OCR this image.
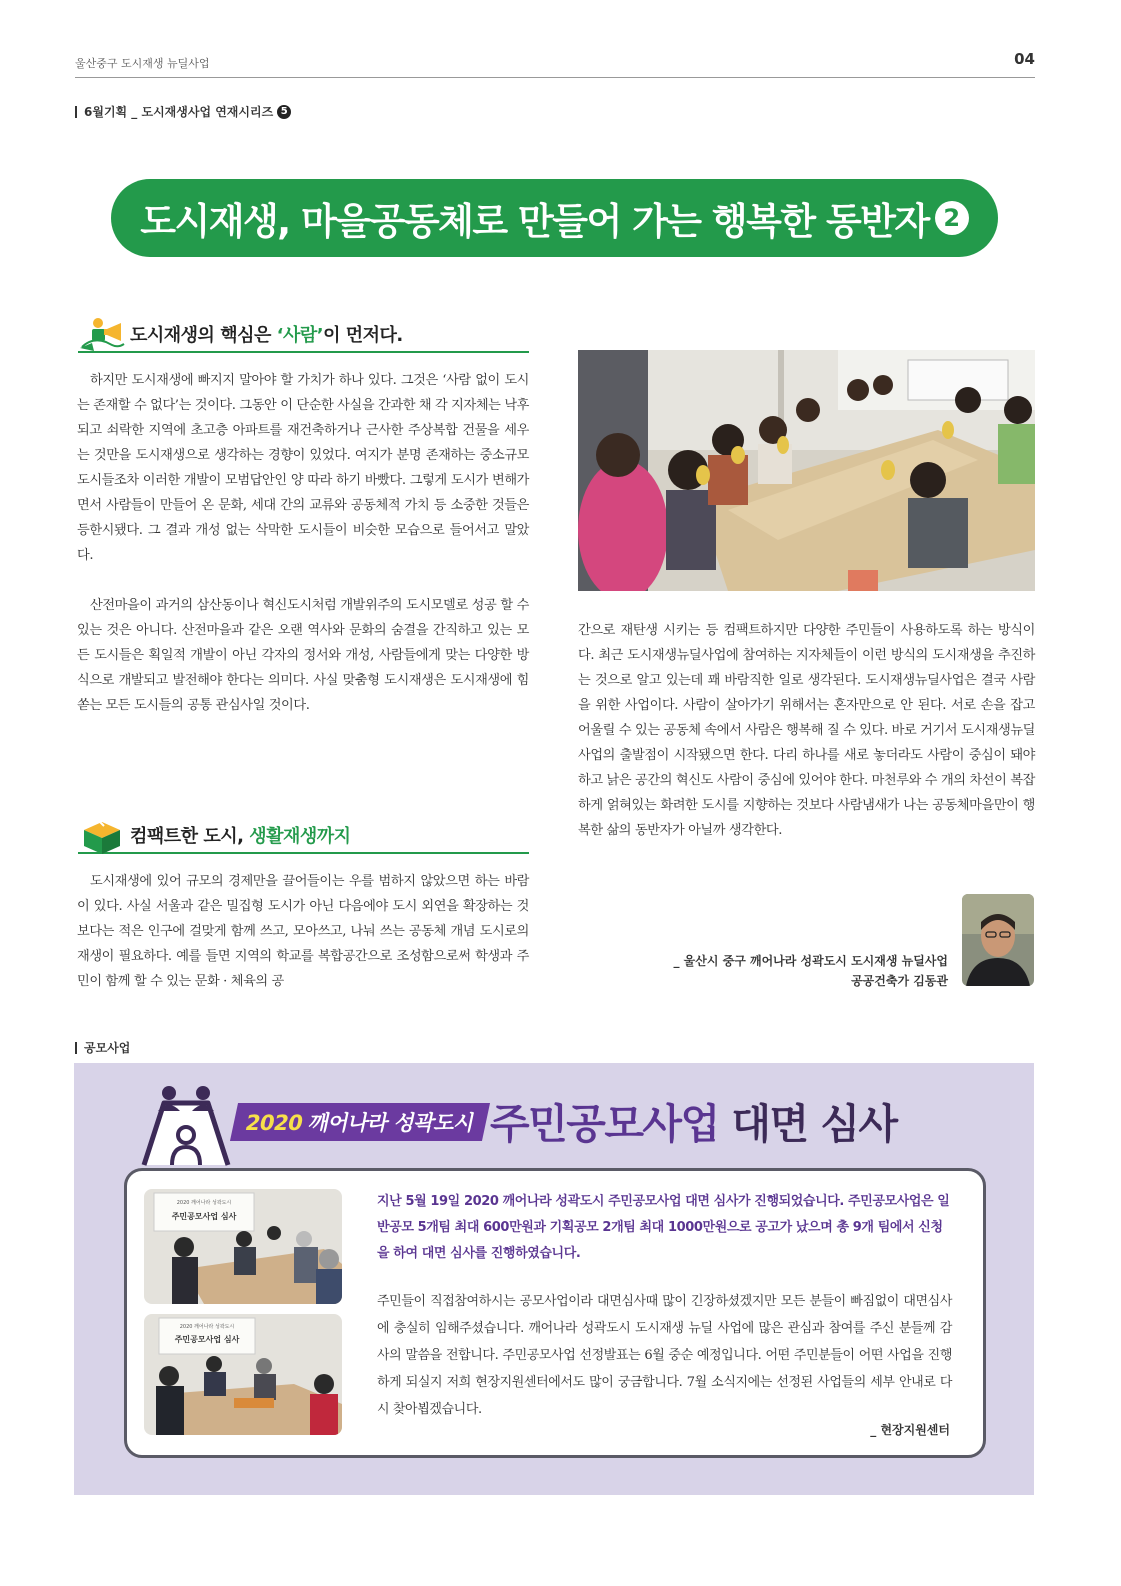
울산중구 도시재생 뉴딜사업	04
6월기획 _ 도시재생사업 연재시리즈 5
도시재생, 마을공동체로 만들어 가는 행복한 동반자 2
도시재생의 핵심은 ‘사람’이 먼저다.
하지만 도시재생에 빠지지 말아야 할 가치가 하나 있다. 그것은 ‘사람 없이 도시는 존재할 수 없다’는 것이다. 그동안 이 단순한 사실을 간과한 채 각 지자체는 낙후되고 쇠락한 지역에 초고층 아파트를 재건축하거나 근사한 주상복합 건물을 세우는 것만을 도시재생으로 생각하는 경향이 있었다. 여지가 분명 존재하는 중소규모 도시들조차 이러한 개발이 모범답안인 양 따라 하기 바빴다. 그렇게 도시가 변해가면서 사람들이 만들어 온 문화, 세대 간의 교류와 공동체적 가치 등 소중한 것들은 등한시됐다. 그 결과 개성 없는 삭막한 도시들이 비슷한 모습으로 들어서고 말았다.
산전마을이 과거의 삼산동이나 혁신도시처럼 개발위주의 도시모델로 성공 할 수 있는 것은 아니다. 산전마을과 같은 오랜 역사와 문화의 숨결을 간직하고 있는 모든 도시들은 획일적 개발이 아닌 각자의 정서와 개성, 사람들에게 맞는 다양한 방식으로 개발되고 발전해야 한다는 의미다. 사실 맞춤형 도시재생은 도시재생에 힘 쏟는 모든 도시들의 공통 관심사일 것이다.
컴팩트한 도시, 생활재생까지
도시재생에 있어 규모의 경제만을 끌어들이는 우를 범하지 않았으면 하는 바람이 있다. 사실 서울과 같은 밀집형 도시가 아닌 다음에야 도시 외연을 확장하는 것보다는 적은 인구에 걸맞게 함께 쓰고, 모아쓰고, 나눠 쓰는 공동체 개념 도시로의 재생이 필요하다. 예를 들면 지역의 학교를 복합공간으로 조성함으로써 학생과 주민이 함께 할 수 있는 문화 · 체육의 공
간으로 재탄생 시키는 등 컴팩트하지만 다양한 주민들이 사용하도록 하는 방식이다. 최근 도시재생뉴딜사업에 참여하는 지자체들이 이런 방식의 도시재생을 추진하는 것으로 알고 있는데 꽤 바람직한 일로 생각된다. 도시재생뉴딜사업은 결국 사람을 위한 사업이다. 사람이 살아가기 위해서는 혼자만으로 안 된다. 서로 손을 잡고 어울릴 수 있는 공동체 속에서 사람은 행복해 질 수 있다. 바로 거기서 도시재생뉴딜사업의 출발점이 시작됐으면 한다. 다리 하나를 새로 놓더라도 사람이 중심이 돼야 하고 낡은 공간의 혁신도 사람이 중심에 있어야 한다. 마천루와 수 개의 차선이 복잡하게 얽혀있는 화려한 도시를 지향하는 것보다 사람냄새가 나는 공동체마을만이 행복한 삶의 동반자가 아닐까 생각한다.
_ 울산시 중구 깨어나라 성곽도시 도시재생 뉴딜사업
공공건축가 김동관
공모사업
2020 깨어나라 성곽도시 주민공모사업 대면 심사
2020 깨어나라 성곽도시
주민공모사업 심사
2020 깨어나라 성곽도시
주민공모사업 심사
지난 5월 19일 2020 깨어나라 성곽도시 주민공모사업 대면 심사가 진행되었습니다. 주민공모사업은 일반공모 5개팀 최대 600만원과 기획공모 2개팀 최대 1000만원으로 공고가 났으며 총 9개 팀에서 신청을 하여 대면 심사를 진행하였습니다.
주민들이 직접참여하시는 공모사업이라 대면심사때 많이 긴장하셨겠지만 모든 분들이 빠짐없이 대면심사에 충실히 임해주셨습니다. 깨어나라 성곽도시 도시재생 뉴딜 사업에 많은 관심과 참여를 주신 분들께 감사의 말씀을 전합니다. 주민공모사업 선정발표는 6월 중순 예정입니다. 어떤 주민분들이 어떤 사업을 진행하게 되실지 저희 현장지원센터에서도 많이 궁금합니다. 7월 소식지에는 선정된 사업들의 세부 안내로 다시 찾아뵙겠습니다.
_ 현장지원센터
